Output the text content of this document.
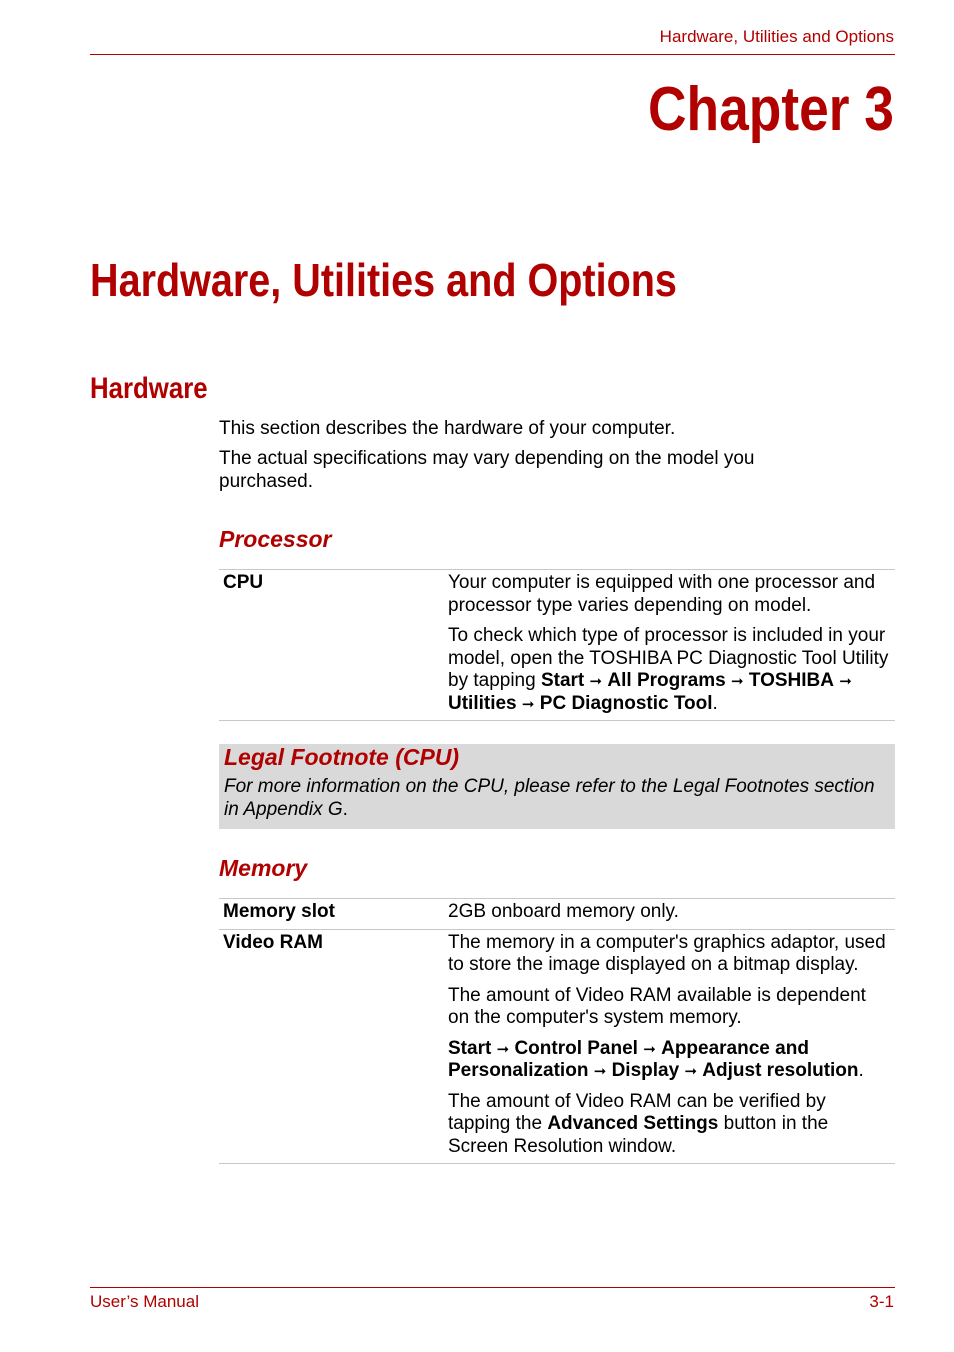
Hardware, Utilities and Options
Chapter 3
Hardware, Utilities and Options
Hardware

This section describes the hardware of your computer.

The actual specifications may vary depending on the model you purchased.

Processor
CPU	Your computer is equipped with one processor and processor type varies depending on model.

To check which type of processor is included in your model, open the TOSHIBA PC Diagnostic Tool Utility by tapping Start ➞ All Programs ➞ TOSHIBA ➞ Utilities ➞ PC Diagnostic Tool.

Legal Footnote (CPU)
For more information on the CPU, please refer to the Legal Footnotes section in Appendix G.
Memory
Memory slot	2GB onboard memory only.

Video RAM	The memory in a computer's graphics adaptor, used to store the image displayed on a bitmap display.

The amount of Video RAM available is dependent on the computer's system memory.

Start ➞ Control Panel ➞ Appearance and Personalization ➞ Display ➞ Adjust resolution.

The amount of Video RAM can be verified by tapping the Advanced Settings button in the Screen Resolution window.

User’s Manual	3-1
